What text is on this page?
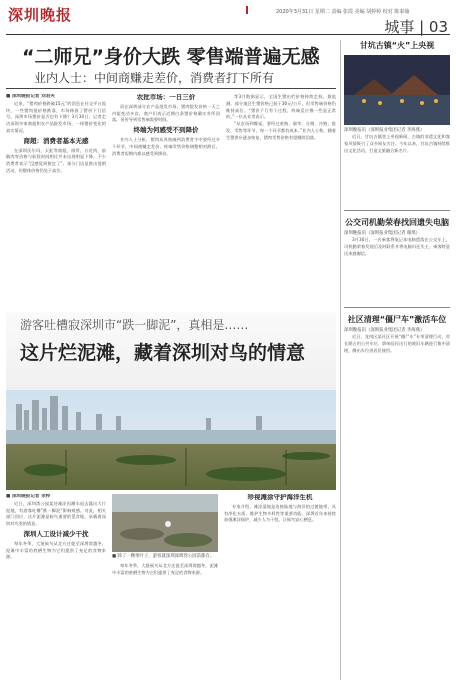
深圳晚报	2020年3月31日 星期二 责编 张霞 美编 胡婷婷 校对 陈秦瑜
城事 | 03
“二师兄”身价大跌 零售端普遍无感
业内人士：中间商赚走差价，消费者打下所有
■ 深圳晚报记者 刘君芙

近来，“猪肉价格跌破15元”的消息在社交平台流传，一些猪肉批价格跌落，市场释放了猪价下行信号。深圳市场猪价是否也有下降？3月30日，记者走访深圳多家商超和农产品批发市场，一探猪价变化的真实情况。

商超：消费者基本无感

在深圳沃尔玛、天虹等商超，排骨、五花肉、前腿肉等价格与前段时间相比并未出现明显下降。不少消费者表示“没感觉到便宜了”。部分门店虽推出促销活动，但整体价格仍处于高位。

农批市场：一日三价

而在深圳部分农产品批发市场，猪肉批发价格一天之内能变动多次，商户们表示近期白条猪价格确实有所回落，但传导到零售端需要时间。

终端为何感受不到降价

业内人士分析，猪肉从养殖端到消费者手中要经过多个环节，中间商赚走差价，终端零售价格调整相对滞后，消费者短期内难以感受到降价。

等3月数据显示，全国生猪出栏价格持续走低。据监测，部分地区生猪价格已低于30元/公斤，但零售端价格仍维持高位。“猪价下行有个过程，终端反应慢一些是正常的。”一位从业者表示。

“从农场到餐桌，要经过收购、屠宰、分割、冷链、批发、零售等环节，每一个环节都有成本。”业内人士称，随着生猪供应逐步恢复，猪肉零售价格有望继续回落。

游客吐槽寂深圳市“跌一脚泥”，真相是……
这片烂泥滩，藏着深圳对鸟的情意
■ 深圳晚报记者 余梓

近日，深圳湾公园某处滩涂因潮水退去露出大片泥地，有游客吐槽“跌一脚泥”影响观感。对此，相关部门回应，这片泥滩是候鸟重要的觅食地，承载着深圳对鸟类的情意。

深圳人工设计减少干扰

每年冬季，大批候鸟从北方迁徙至深圳湾越冬，泥滩中丰富的底栖生物为它们提供了充足的食物来源。	■ 除了一颗果叶子，游客就深圳深圳湾公园前都有。

每年冬季，大批候鸟从北方迁徙至深圳湾越冬，泥滩中丰富的底栖生物为它们提供了充足的食物来源。

珍视滩涂守护海洋生机

专家介绍，滩涂湿地是连接陆地与海洋的过渡地带，具有净化水质、维护生物多样性等重要功能。深圳近年来持续加强滩涂保护，减少人为干扰，让候鸟安心栖息。

甘坑古镇“火”上央视
深圳晚报讯（深圳报业集团记者 李海燕）

近日，甘坑古镇登上央视新闻，古镇的非遗文化和客家风情吸引了众多网友关注。今年以来，甘坑古镇持续推出文化活动，打造文旅融合新名片。

公交司机勤荣春找回遗失电脑
深圳晚报讯（深圳报业集团记者 谢琪）

3月30日，一名乘客将笔记本电脑遗落在公交车上，司机勤荣春发现后及时联系并将电脑归还失主，乘客特意送来感谢信。

社区清理“僵尸车”激活车位
深圳晚报讯（深圳报业集团记者 李海燕）

近日，龙岗区某社区开展“僵尸车”专项清理行动，对长期占用公共车位、影响居民出行的废旧车辆进行集中清理，腾出车位供居民使用。
